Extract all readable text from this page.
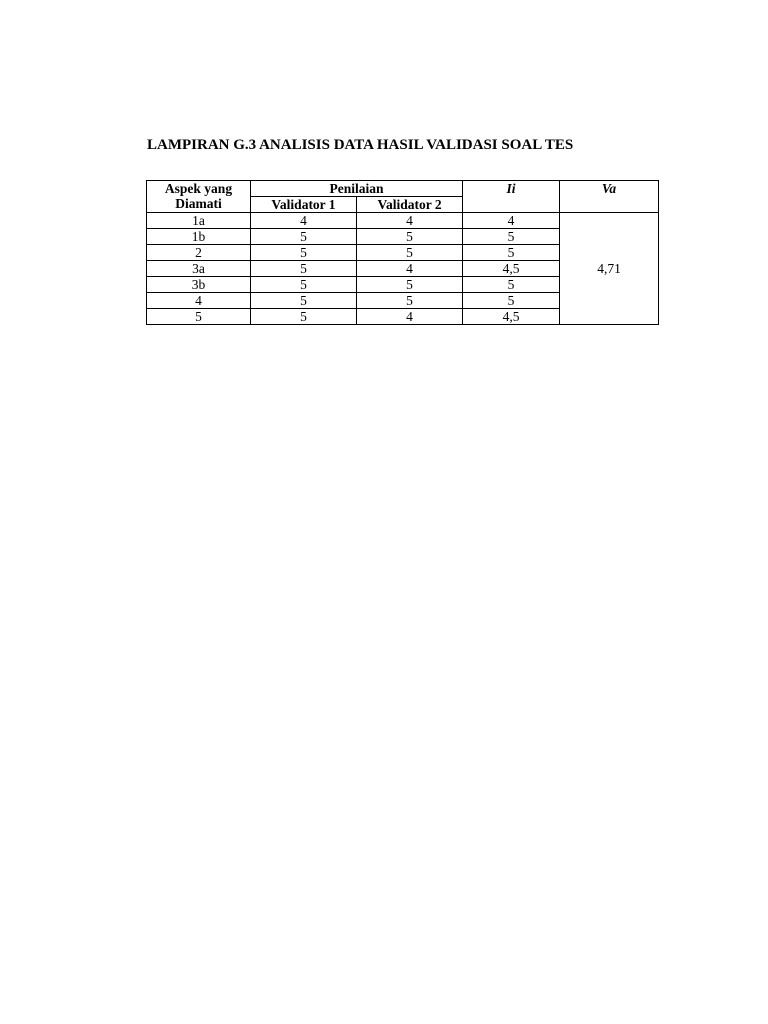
LAMPIRAN G.3 ANALISIS DATA HASIL VALIDASI SOAL TES
Aspek yang
Diamati	Penilaian		Ii	Va
	Validator 1	Validator 2		
1a	4	4	4	4,71
1b	5	5	5	
2	5	5	5	
3a	5	4	4,5	
3b	5	5	5	
4	5	5	5	
5	5	4	4,5	
